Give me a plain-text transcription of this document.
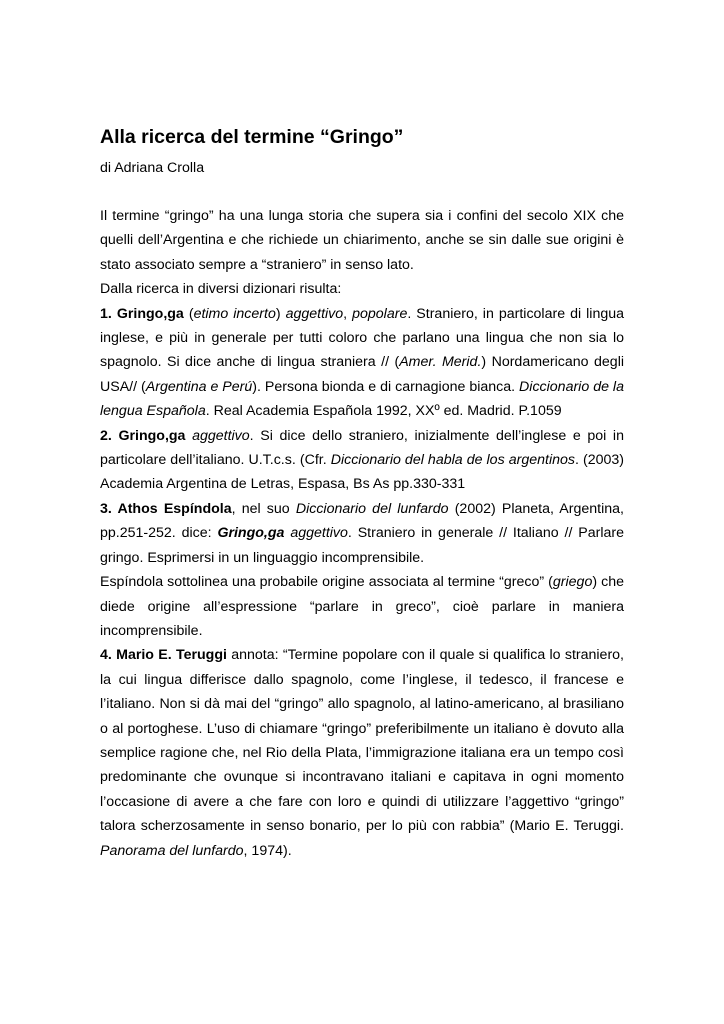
Alla ricerca del termine “Gringo”
di Adriana Crolla

Il termine “gringo” ha una lunga storia che supera sia i confini del secolo XIX che quelli dell’Argentina e che richiede un chiarimento, anche se sin dalle sue origini è stato associato sempre a “straniero” in senso lato.

Dalla ricerca in diversi dizionari risulta:

1. Gringo,ga (etimo incerto) aggettivo, popolare. Straniero, in particolare di lingua inglese, e più in generale per tutti coloro che parlano una lingua che non sia lo spagnolo. Si dice anche di lingua straniera // (Amer. Merid.) Nordamericano degli USA// (Argentina e Perú). Persona bionda e di carnagione bianca. Diccionario de la lengua Española. Real Academia Española 1992, XXº ed. Madrid. P.1059

2. Gringo,ga aggettivo. Si dice dello straniero, inizialmente dell’inglese e poi in particolare dell’italiano. U.T.c.s. (Cfr. Diccionario del habla de los argentinos. (2003) Academia Argentina de Letras, Espasa, Bs As pp.330-331

3. Athos Espíndola, nel suo Diccionario del lunfardo (2002) Planeta, Argentina, pp.251-252. dice: Gringo,ga aggettivo. Straniero in generale // Italiano // Parlare gringo. Esprimersi in un linguaggio incomprensibile.

Espíndola sottolinea una probabile origine associata al termine “greco” (griego) che diede origine all’espressione “parlare in greco”, cioè parlare in maniera incomprensibile.

4. Mario E. Teruggi annota: “Termine popolare con il quale si qualifica lo straniero, la cui lingua differisce dallo spagnolo, come l’inglese, il tedesco, il francese e l’italiano. Non si dà mai del “gringo” allo spagnolo, al latino-americano, al brasiliano o al portoghese. L’uso di chiamare “gringo” preferibilmente un italiano è dovuto alla semplice ragione che, nel Rio della Plata, l’immigrazione italiana era un tempo così predominante che ovunque si incontravano italiani e capitava in ogni momento l’occasione di avere a che fare con loro e quindi di utilizzare l’aggettivo “gringo” talora scherzosamente in senso bonario, per lo più con rabbia” (Mario E. Teruggi. Panorama del lunfardo, 1974).
